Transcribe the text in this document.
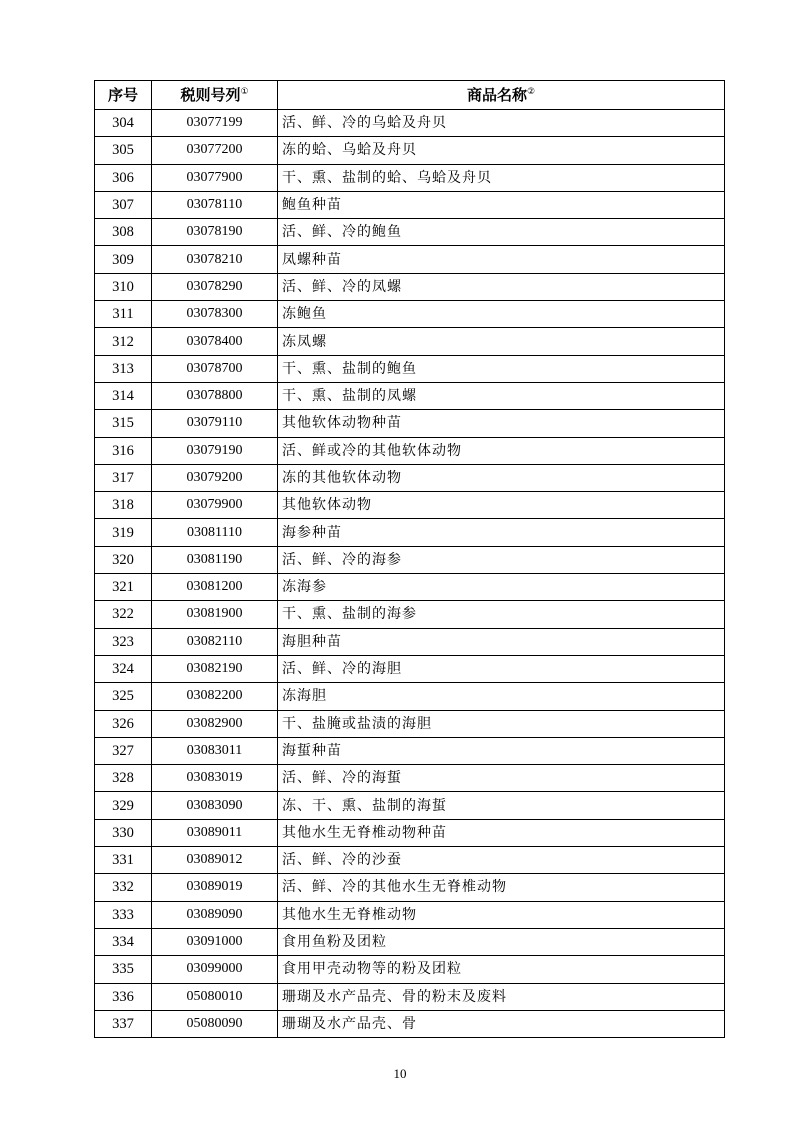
序号	税则号列①	商品名称②
304	03077199	活、鲜、冷的乌蛤及舟贝
305	03077200	冻的蛤、乌蛤及舟贝
306	03077900	干、熏、盐制的蛤、乌蛤及舟贝
307	03078110	鲍鱼种苗
308	03078190	活、鲜、冷的鲍鱼
309	03078210	凤螺种苗
310	03078290	活、鲜、冷的凤螺
311	03078300	冻鲍鱼
312	03078400	冻凤螺
313	03078700	干、熏、盐制的鲍鱼
314	03078800	干、熏、盐制的凤螺
315	03079110	其他软体动物种苗
316	03079190	活、鲜或冷的其他软体动物
317	03079200	冻的其他软体动物
318	03079900	其他软体动物
319	03081110	海参种苗
320	03081190	活、鲜、冷的海参
321	03081200	冻海参
322	03081900	干、熏、盐制的海参
323	03082110	海胆种苗
324	03082190	活、鲜、冷的海胆
325	03082200	冻海胆
326	03082900	干、盐腌或盐渍的海胆
327	03083011	海蜇种苗
328	03083019	活、鲜、冷的海蜇
329	03083090	冻、干、熏、盐制的海蜇
330	03089011	其他水生无脊椎动物种苗
331	03089012	活、鲜、冷的沙蚕
332	03089019	活、鲜、冷的其他水生无脊椎动物
333	03089090	其他水生无脊椎动物
334	03091000	食用鱼粉及团粒
335	03099000	食用甲壳动物等的粉及团粒
336	05080010	珊瑚及水产品壳、骨的粉末及废料
337	05080090	珊瑚及水产品壳、骨
10
